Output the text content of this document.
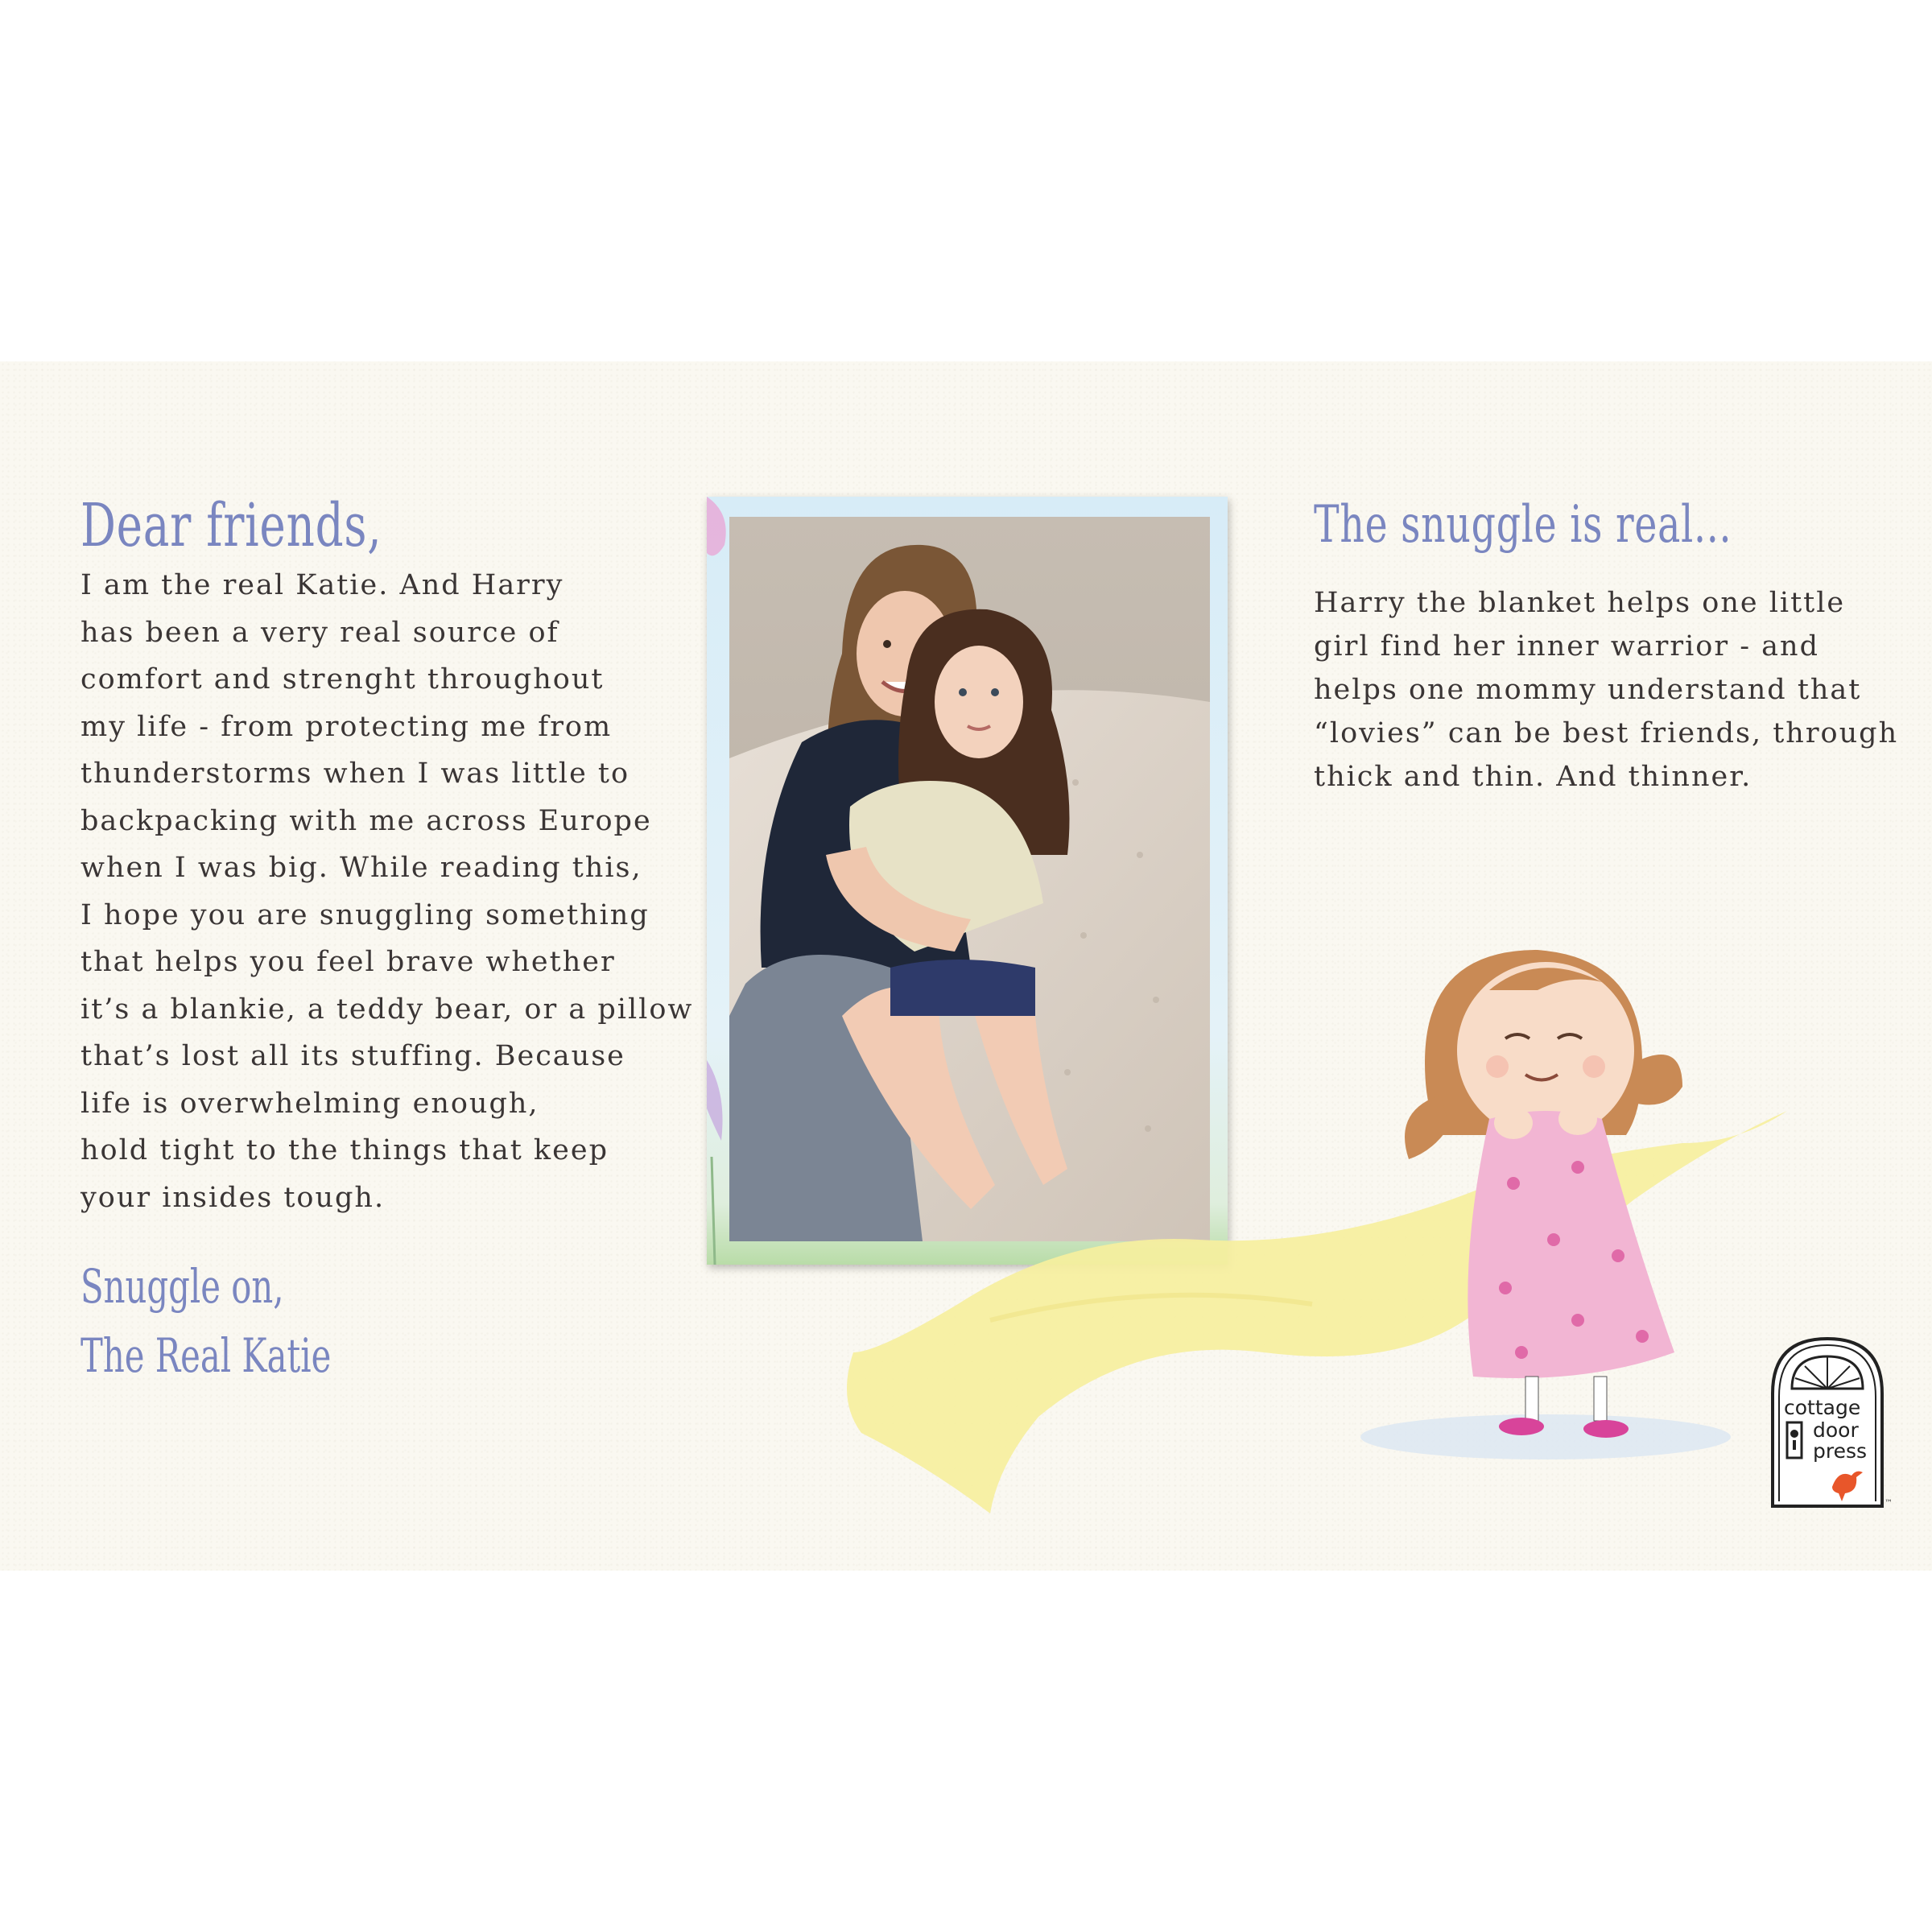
Dear friends,

I am the real Katie. And Harry
has been a very real source of
comfort and strenght throughout
my life - from protecting me from
thunderstorms when I was little to
backpacking with me across Europe
when I was big. While reading this,
I hope you are snuggling something
that helps you feel brave whether
it’s a blankie, a teddy bear, or a pillow
that’s lost all its stuffing. Because
life is overwhelming enough,
hold tight to the things that keep
your insides tough.

Snuggle on,
The Real Katie
The snuggle is real...

Harry the blanket helps one little
girl find her inner warrior - and
helps one mommy understand that
“lovies” can be best friends, through
thick and thin. And thinner.

cottage
door
press
™
